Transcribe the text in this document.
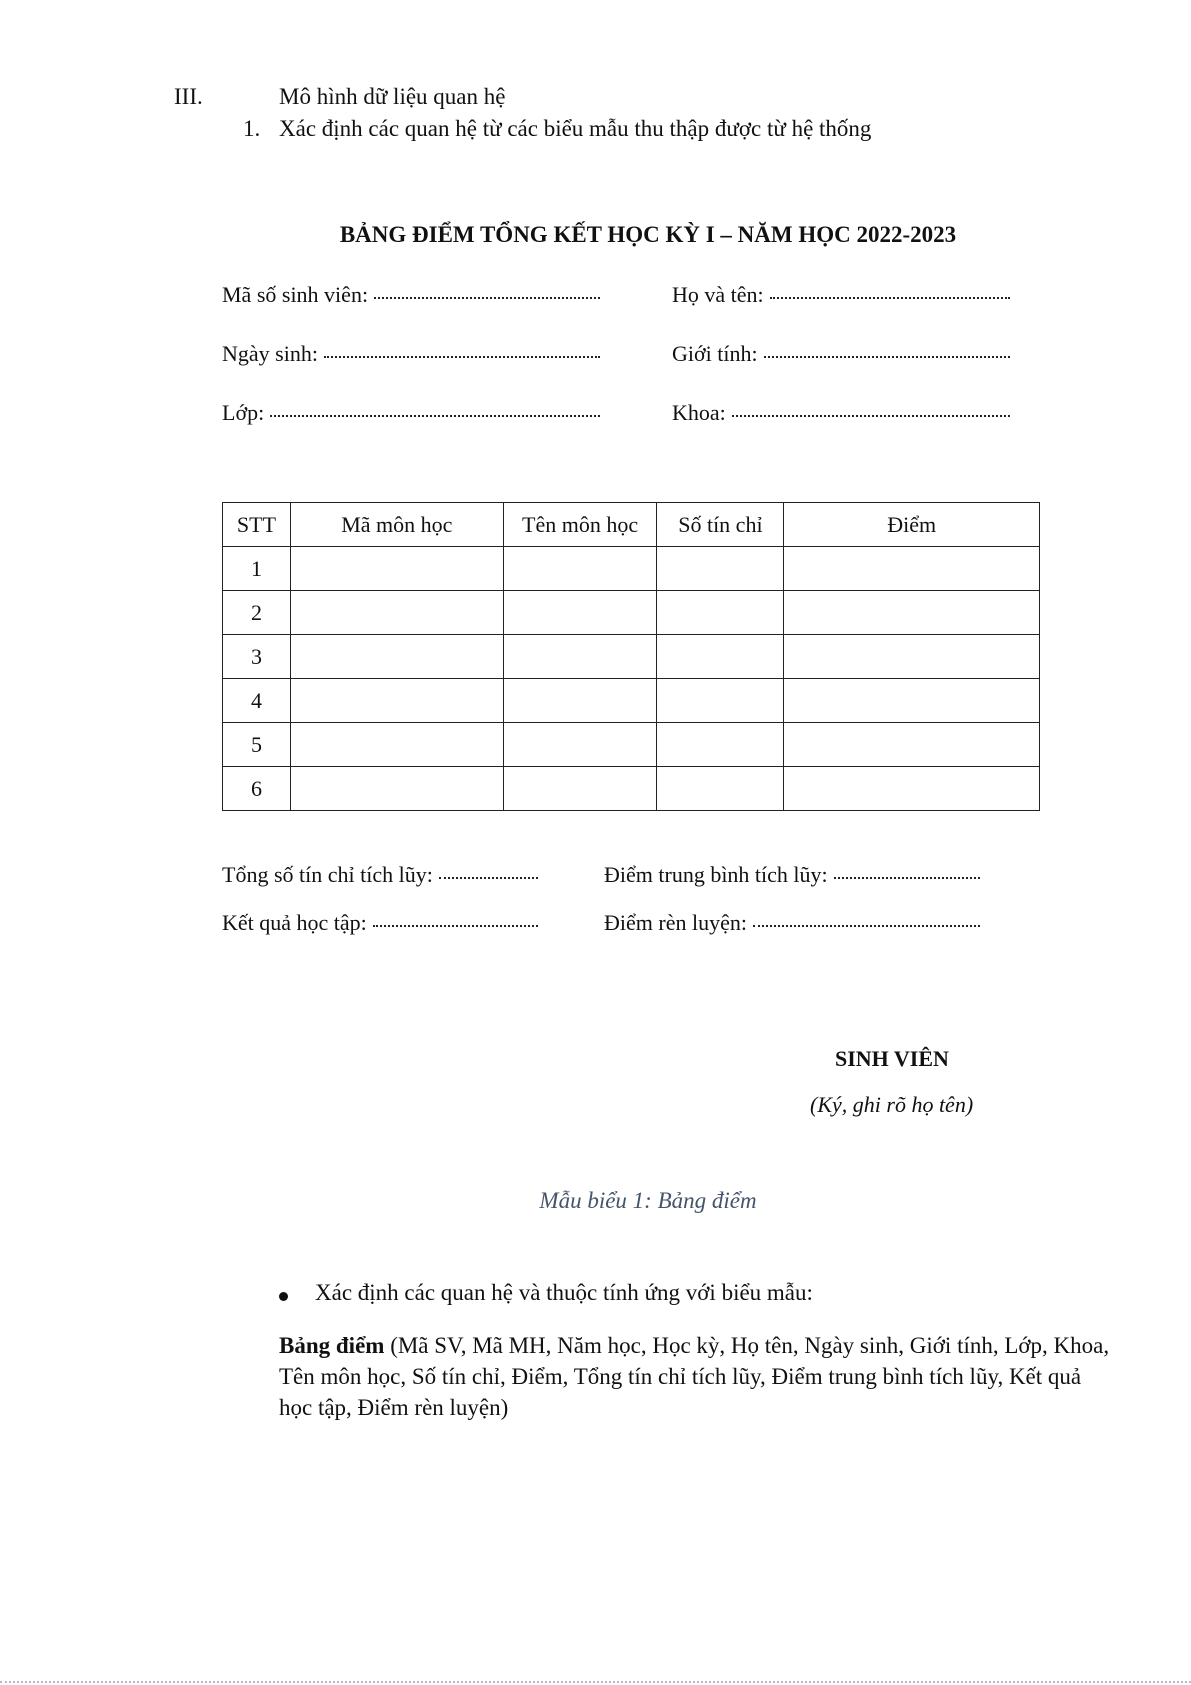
III.	Mô hình dữ liệu quan hệ
1. Xác định các quan hệ từ các biểu mẫu thu thập được từ hệ thống
BẢNG ĐIỂM TỔNG KẾT HỌC KỲ I – NĂM HỌC 2022-2023
Mã số sinh viên:	Họ và tên:
Ngày sinh:	Giới tính:
Lớp:	Khoa:
STT	Mã môn học	Tên môn học	Số tín chỉ	Điểm
1				
2				
3				
4				
5				
6				
Tổng số tín chỉ tích lũy:	Điểm trung bình tích lũy:
Kết quả học tập:	Điểm rèn luyện:
SINH VIÊN
(Ký, ghi rõ họ tên)
Mẫu biểu 1: Bảng điểm
Xác định các quan hệ và thuộc tính ứng với biểu mẫu:
Bảng điểm (Mã SV, Mã MH, Năm học, Học kỳ, Họ tên, Ngày sinh, Giới tính, Lớp, Khoa, Tên môn học, Số tín chỉ, Điểm, Tổng tín chỉ tích lũy, Điểm trung bình tích lũy, Kết quả học tập, Điểm rèn luyện)
